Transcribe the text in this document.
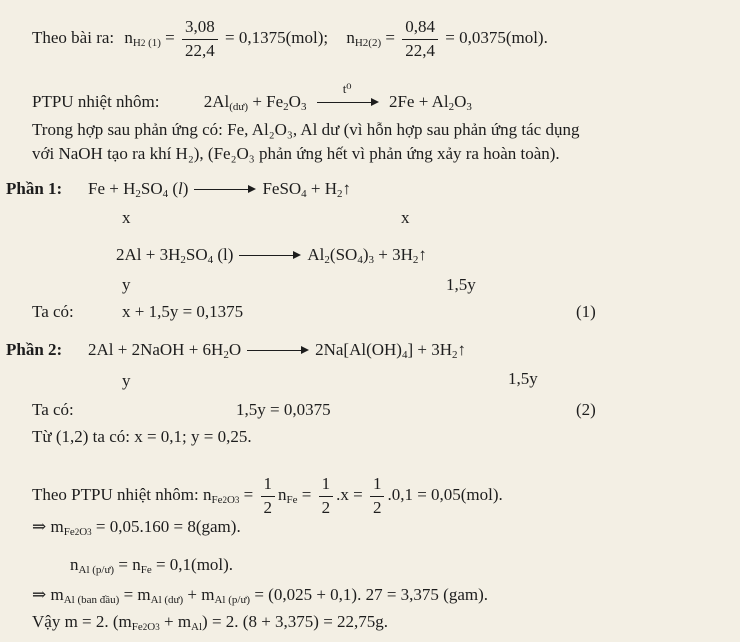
Theo bài ra: $n_{H2 (1)} = \frac{3,08}{22,4} = 0,1375(mol)$; $n_{H2(2)} = \frac{0,84}{22,4} = 0,0375(mol)$.
PTPU nhiệt nhôm:	$2Al_{(dư)} + Fe_2O_3$
t⁰
$2Fe + Al_2O_3$
Trong hợp sau phản ứng có: Fe, Al₂O₃, Al dư (vì hỗn hợp sau phản ứng tác dụng
với NaOH tạo ra khí H₂), (Fe₂O₃ phản ứng hết vì phản ứng xảy ra hoàn toàn).
Phần 1: $Fe + H_2SO_4$ (l)	FeSO$_4$ + $H_2↑$
x	x
$2Al + 3H_2SO_4$ (l)	$Al_2(SO_4)_3$ + $3H_2↑$
y	1,5y
Ta có:	x + 1,5y = 0,1375	(1)
Phần 2: 2Al + 2NaOH + $6H_2O$	$2Na[Al(OH)_4]$ + $3H_2↑$
y	1,5y
Ta có:	1,5y = 0,0375	(2)
Từ (1,2) ta có: x = 0,1; y = 0,25.
Theo PTPU nhiệt nhôm: $n_{Fe2O3} = \frac{1}{2} n_{Fe} = \frac{1}{2} .x = \frac{1}{2} .0,1 = 0,05(mol)$.
⇒ $m_{Fe2O3} = 0,05.160 = 8(gam)$.
$n_{Al (p/ư)} = n_{Fe} = 0,1(mol)$.
⇒ $m_{Al (ban đầu)} = m_{Al (dư)} + m_{Al (p/ư)} = (0,025 + 0,1)$. 27 = 3,375 (gam).
Vậy m = 2. $(m_{Fe2O3} + m_{Al}) = 2$. (8 + 3,375) = 22,75g.
